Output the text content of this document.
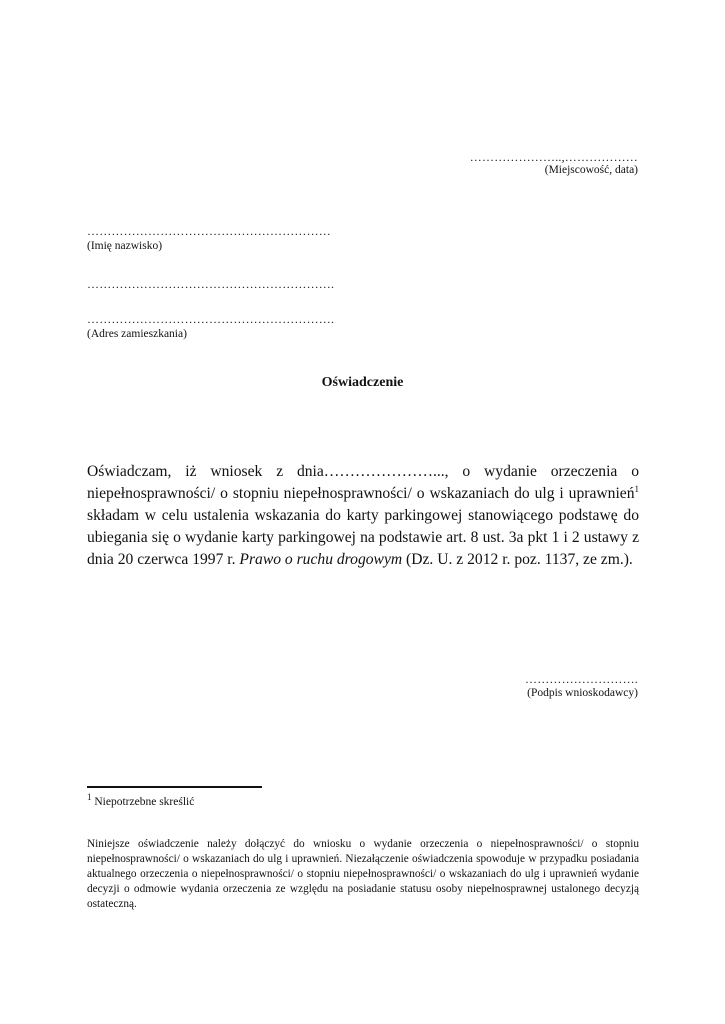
…………………..,………………
(Miejscowość, data)
……………………………………………………
(Imię nazwisko)
…………………………………………………….
…………………………………………………….
(Adres zamieszkania)
Oświadczenie

Oświadczam, iż wniosek z dnia…………………..., o wydanie orzeczenia o niepełnosprawności/ o stopniu niepełnosprawności/ o wskazaniach do ulg i uprawnień$^1$ składam w celu ustalenia wskazania do karty parkingowej stanowiącego podstawę do ubiegania się o wydanie karty parkingowej na podstawie art. 8 ust. 3a pkt 1 i 2 ustawy z dnia 20 czerwca 1997 r. Prawo o ruchu drogowym (Dz. U. z 2012 r. poz. 1137, ze zm.).

……………………….
(Podpis wnioskodawcy)
$^1$ Niepotrzebne skreślić
Niniejsze oświadczenie należy dołączyć do wniosku o wydanie orzeczenia o niepełnosprawności/ o stopniu niepełnosprawności/ o wskazaniach do ulg i uprawnień. Niezałączenie oświadczenia spowoduje w przypadku posiadania aktualnego orzeczenia o niepełnosprawności/ o stopniu niepełnosprawności/ o wskazaniach do ulg i uprawnień wydanie decyzji o odmowie wydania orzeczenia ze względu na posiadanie statusu osoby niepełnosprawnej ustalonego decyzją ostateczną.
